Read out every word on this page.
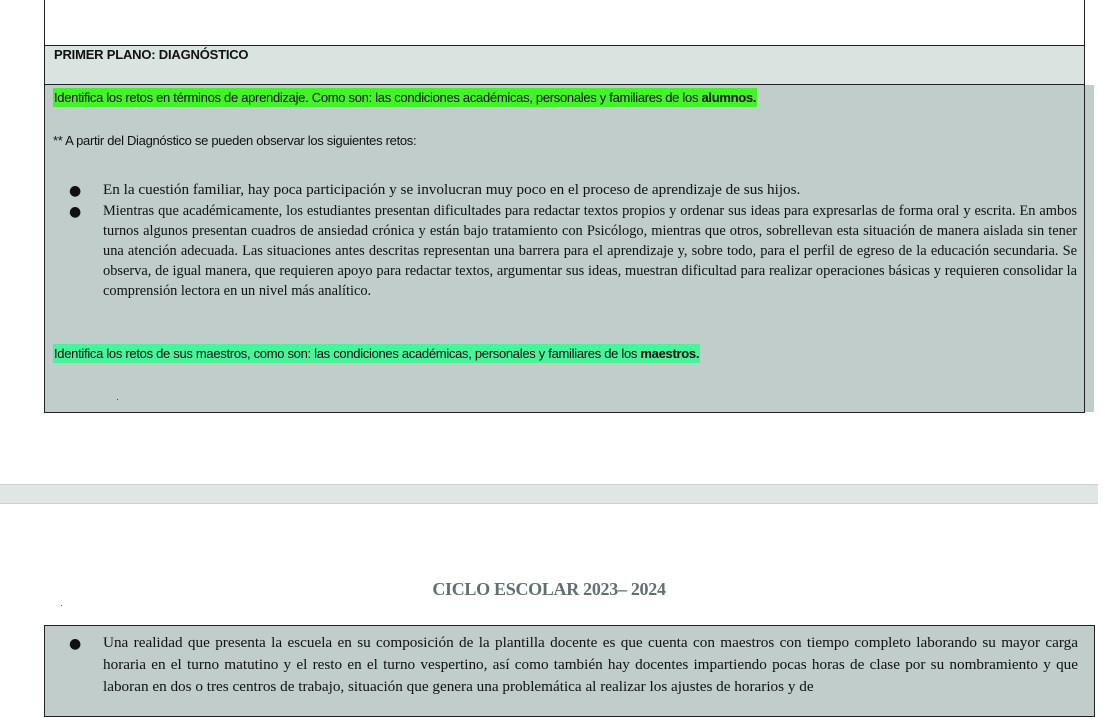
PRIMER PLANO: DIAGNÓSTICO
Identifica los retos en términos de aprendizaje. Como son: las condiciones académicas, personales y familiares de los alumnos.
** A partir del Diagnóstico se pueden observar los siguientes retos:
● En la cuestión familiar, hay poca participación y se involucran muy poco en el proceso de aprendizaje de sus hijos.
● Mientras que académicamente, los estudiantes presentan dificultades para redactar textos propios y ordenar sus ideas para expresarlas de forma oral y escrita. En ambos turnos algunos presentan cuadros de ansiedad crónica y están bajo tratamiento con Psicólogo, mientras que otros, sobrellevan esta situación de manera aislada sin tener una atención adecuada. Las situaciones antes descritas representan una barrera para el aprendizaje y, sobre todo, para el perfil de egreso de la educación secundaria. Se observa, de igual manera, que requieren apoyo para redactar textos, argumentar sus ideas, muestran dificultad para realizar operaciones básicas y requieren consolidar la comprensión lectora en un nivel más analítico.
Identifica los retos de sus maestros, como son: las condiciones académicas, personales y familiares de los maestros.
CICLO ESCOLAR 2023– 2024
● Una realidad que presenta la escuela en su composición de la plantilla docente es que cuenta con maestros con tiempo completo laborando su mayor carga horaria en el turno matutino y el resto en el turno vespertino, así como también hay docentes impartiendo pocas horas de clase por su nombramiento y que laboran en dos o tres centros de trabajo, situación que genera una problemática al realizar los ajustes de horarios y de
